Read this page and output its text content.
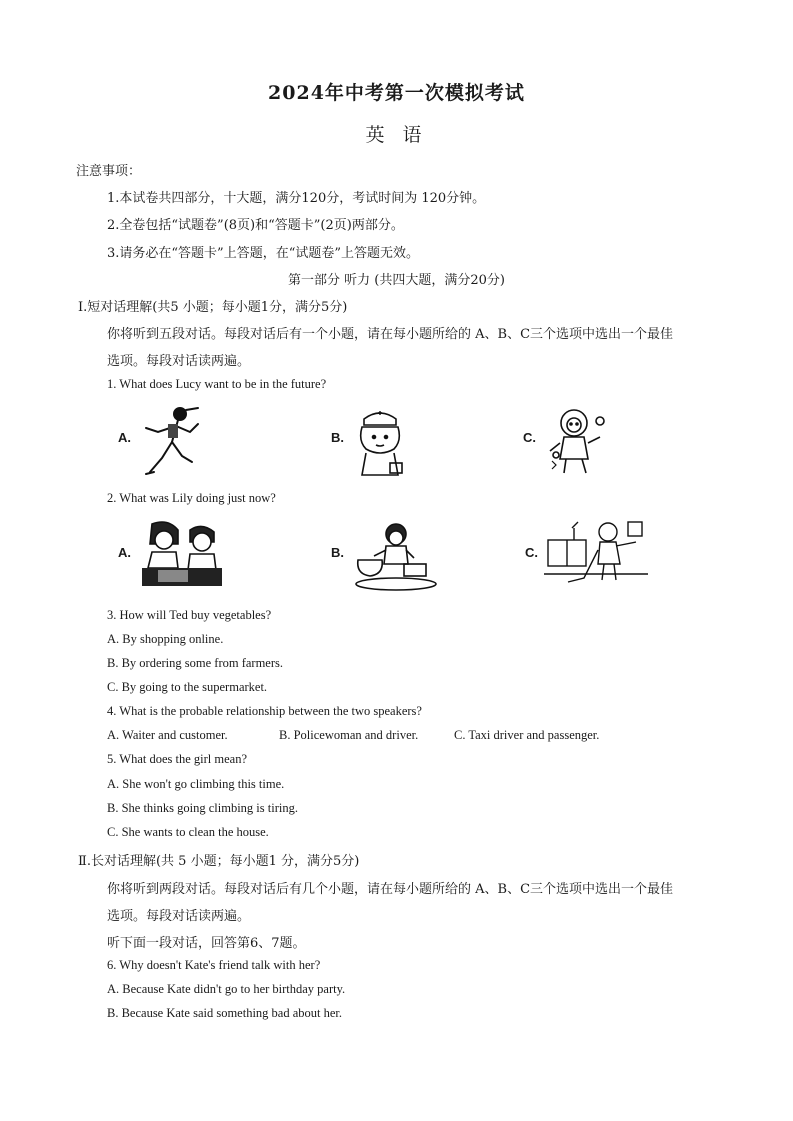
2024年中考第一次模拟考试
英 语
注意事项：
1.本试卷共四部分，十大题，满分120分，考试时间为 120分钟。
2.全卷包括“试题卷”(8页)和“答题卡”(2页)两部分。
3.请务必在“答题卡”上答题，在“试题卷”上答题无效。
第一部分 听力 (共四大题，满分20分)
Ⅰ.短对话理解(共5 小题；每小题1分，满分5分)
你将听到五段对话。每段对话后有一个小题，请在每小题所给的 A、B、C三个选项中选出一个最佳
选项。每段对话读两遍。
1. What does Lucy want to be in the future?
A.	B.	C.
2. What was Lily doing just now?
A.	B.	C.
3. How will Ted buy vegetables?
A. By shopping online.
B. By ordering some from farmers.
C. By going to the supermarket.
4. What is the probable relationship between the two speakers?
A. Waiter and customer.	B. Policewoman and driver.	C. Taxi driver and passenger.
5. What does the girl mean?
A. She won't go climbing this time.
B. She thinks going climbing is tiring.
C. She wants to clean the house.
Ⅱ.长对话理解(共 5 小题；每小题1 分，满分5分)
你将听到两段对话。每段对话后有几个小题，请在每小题所给的 A、B、C三个选项中选出一个最佳
选项。每段对话读两遍。
听下面一段对话，回答第6、7题。
6. Why doesn't Kate's friend talk with her?
A. Because Kate didn't go to her birthday party.
B. Because Kate said something bad about her.
